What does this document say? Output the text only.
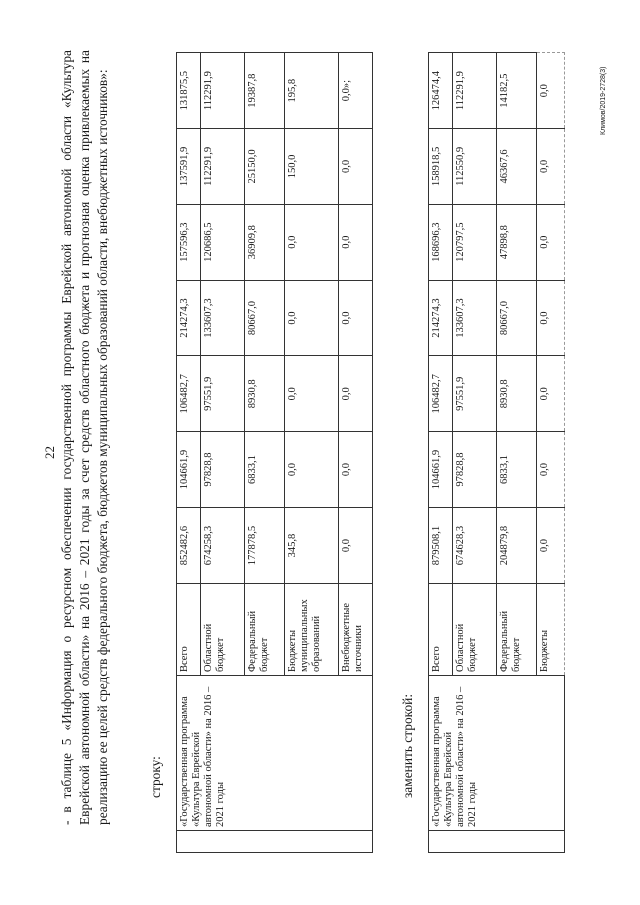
22 - в таблице 5 «Информация о ресурсном обеспечении государственной программы Еврейской автономной области «Культура Еврейской автономной области» на 2016 – 2021 годы за счет средств областного бюджета и прогнозная оценка привлекаемых на реализацию ее целей средств федерального бюджета, бюджетов муниципальных образований области, внебюджетных источников»:	строку:	заменить строкой:
	«Государственная программа «Культура Еврейской автономной области» на 2016 – 2021 годы	Всего	852482,6	104661,9	106482,7	214274,3	157596,3	137591,9	131875,5
		Областной бюджет	674258,3	97828,8	97551,9	133607,3	120686,5	112291,9	112291,9
		Федеральный бюджет	177878,5	6833,1	8930,8	80667,0	36909,8	25150,0	19387,8
		Бюджеты муниципальных образований	345,8	0,0	0,0	0,0	0,0	150,0	195,8
		Внебюджетные источники	0,0	0,0	0,0	0,0	0,0	0,0	0,0»;
	«Государственная программа «Культура Еврейской автономной области» на 2016 – 2021 годы	Всего	879508,1	104661,9	106482,7	214274,3	168696,3	158918,5	126474,4
		Областной бюджет	674628,3	97828,8	97551,9	133607,3	120797,5	112550,9	112291,9
		Федеральный бюджет	204879,8	6833,1	8930,8	80667,0	47898,8	46367,6	14182,5
		Бюджеты	0,0	0,0	0,0	0,0	0,0	0,0	0,0	Климов/2019-2728(3)
